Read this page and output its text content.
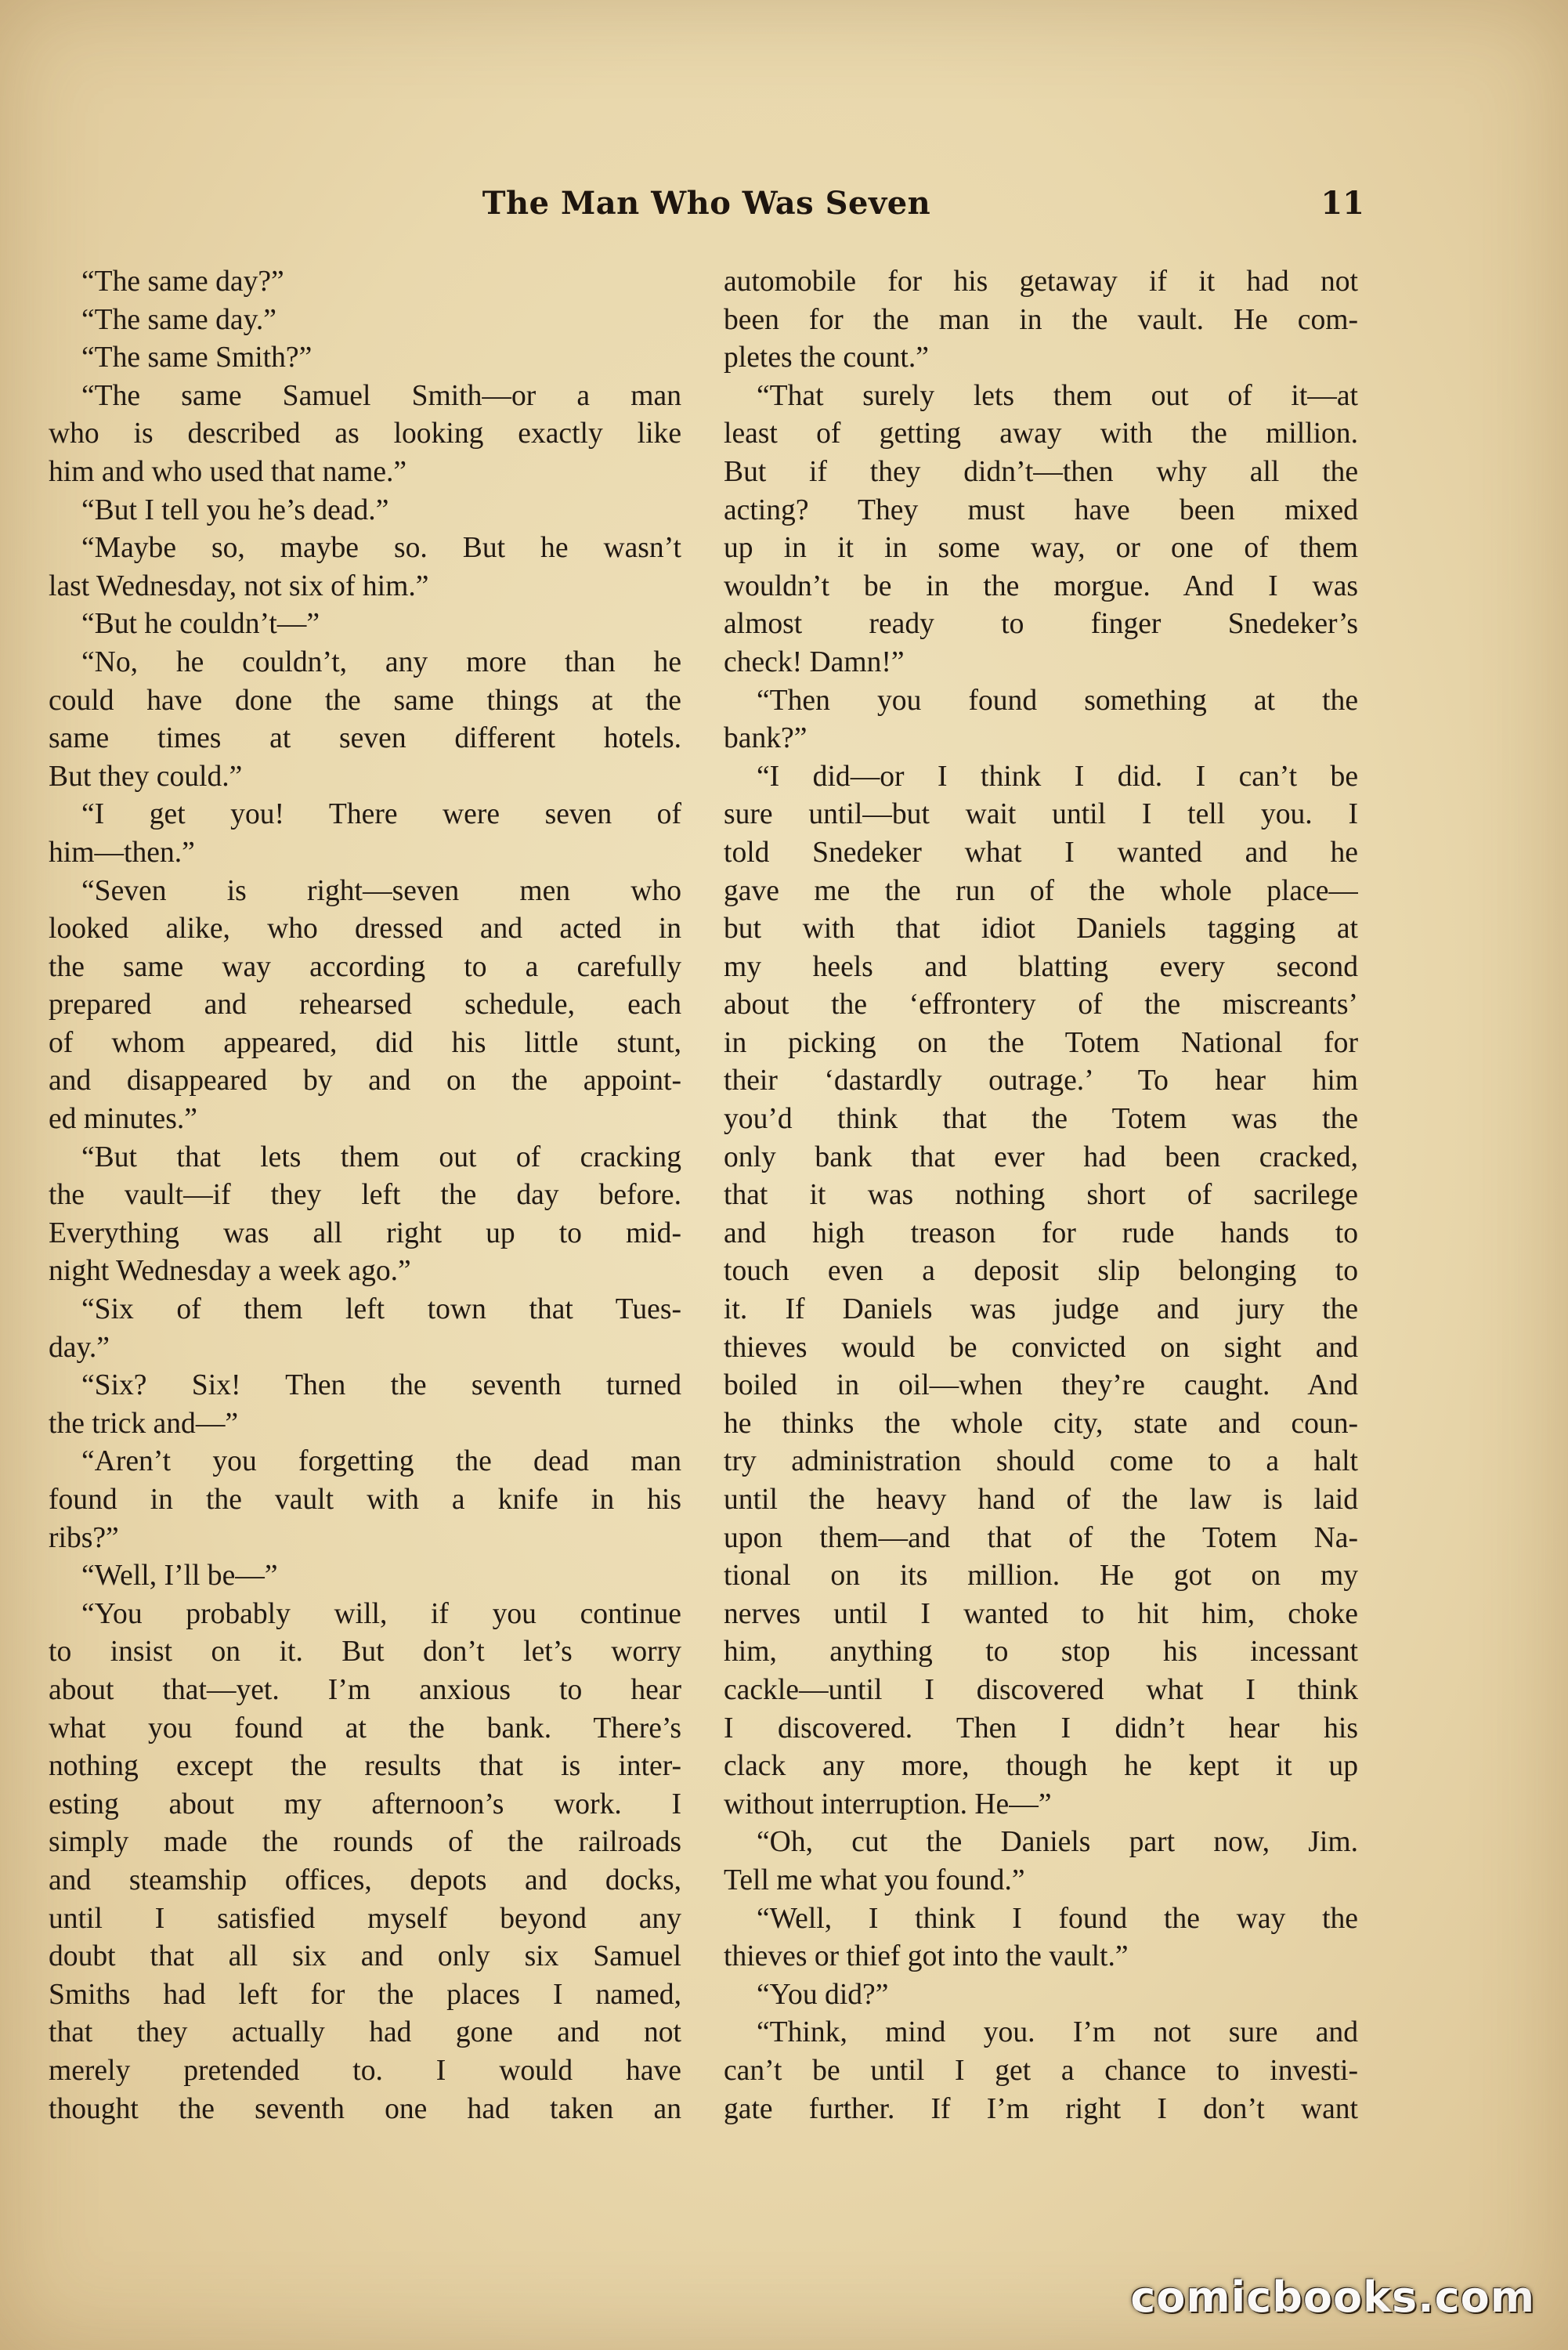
The Man Who Was Seven	11
“The same day?”
“The same day.”
“The same Smith?”
“The same Samuel Smith—or a man
who is described as looking exactly like
him and who used that name.”
“But I tell you he’s dead.”
“Maybe so, maybe so. But he wasn’t
last Wednesday, not six of him.”
“But he couldn’t—”
“No, he couldn’t, any more than he
could have done the same things at the
same times at seven different hotels.
But they could.”
“I get you! There were seven of
him—then.”
“Seven is right—seven men who
looked alike, who dressed and acted in
the same way according to a carefully
prepared and rehearsed schedule, each
of whom appeared, did his little stunt,
and disappeared by and on the appoint-
ed minutes.”
“But that lets them out of cracking
the vault—if they left the day before.
Everything was all right up to mid-
night Wednesday a week ago.”
“Six of them left town that Tues-
day.”
“Six? Six! Then the seventh turned
the trick and—”
“Aren’t you forgetting the dead man
found in the vault with a knife in his
ribs?”
“Well, I’ll be—”
“You probably will, if you continue
to insist on it. But don’t let’s worry
about that—yet. I’m anxious to hear
what you found at the bank. There’s
nothing except the results that is inter-
esting about my afternoon’s work. I
simply made the rounds of the railroads
and steamship offices, depots and docks,
until I satisfied myself beyond any
doubt that all six and only six Samuel
Smiths had left for the places I named,
that they actually had gone and not
merely pretended to. I would have
thought the seventh one had taken an
automobile for his getaway if it had not
been for the man in the vault. He com-
pletes the count.”
“That surely lets them out of it—at
least of getting away with the million.
But if they didn’t—then why all the
acting? They must have been mixed
up in it in some way, or one of them
wouldn’t be in the morgue. And I was
almost ready to finger Snedeker’s
check! Damn!”
“Then you found something at the
bank?”
“I did—or I think I did. I can’t be
sure until—but wait until I tell you. I
told Snedeker what I wanted and he
gave me the run of the whole place—
but with that idiot Daniels tagging at
my heels and blatting every second
about the ‘effrontery of the miscreants’
in picking on the Totem National for
their ‘dastardly outrage.’ To hear him
you’d think that the Totem was the
only bank that ever had been cracked,
that it was nothing short of sacrilege
and high treason for rude hands to
touch even a deposit slip belonging to
it. If Daniels was judge and jury the
thieves would be convicted on sight and
boiled in oil—when they’re caught. And
he thinks the whole city, state and coun-
try administration should come to a halt
until the heavy hand of the law is laid
upon them—and that of the Totem Na-
tional on its million. He got on my
nerves until I wanted to hit him, choke
him, anything to stop his incessant
cackle—until I discovered what I think
I discovered. Then I didn’t hear his
clack any more, though he kept it up
without interruption. He—”
“Oh, cut the Daniels part now, Jim.
Tell me what you found.”
“Well, I think I found the way the
thieves or thief got into the vault.”
“You did?”
“Think, mind you. I’m not sure and
can’t be until I get a chance to investi-
gate further. If I’m right I don’t want
comicbooks.com
